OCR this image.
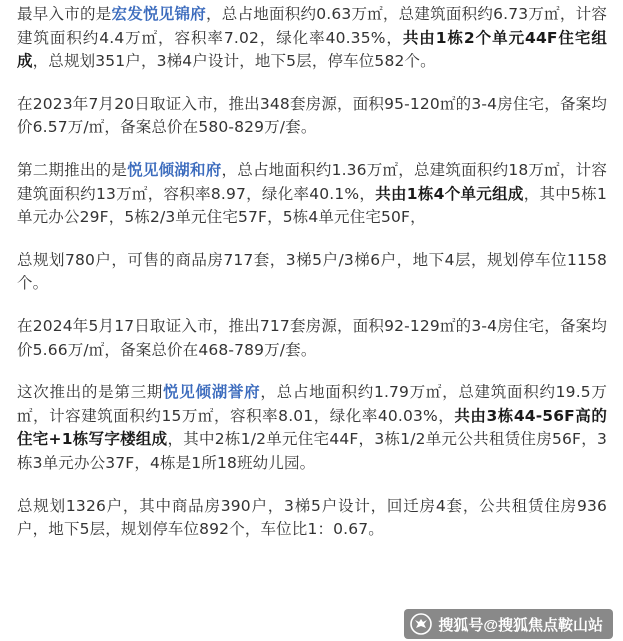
最早入市的是宏发悦见锦府，总占地面积约0.63万㎡，总建筑面积约6.73万㎡，计容建筑面积约4.4万㎡，容积率7.02，绿化率40.35%，共由1栋2个单元44F住宅组成，总规划351户，3梯4户设计，地下5层，停车位582个。

在2023年7月20日取证入市，推出348套房源，面积95-120㎡的3-4房住宅，备案均价6.57万/㎡，备案总价在580-829万/套。

第二期推出的是悦见倾湖和府，总占地面积约1.36万㎡，总建筑面积约18万㎡，计容建筑面积约13万㎡，容积率8.97，绿化率40.1%，共由1栋4个单元组成，其中5栋1单元办公29F，5栋2/3单元住宅57F，5栋4单元住宅50F，

总规划780户，可售的商品房717套，3梯5户/3梯6户，地下4层，规划停车位1158个。

在2024年5月17日取证入市，推出717套房源，面积92-129㎡的3-4房住宅，备案均价5.66万/㎡，备案总价在468-789万/套。

这次推出的是第三期悦见倾湖誉府，总占地面积约1.79万㎡，总建筑面积约19.5万㎡，计容建筑面积约15万㎡，容积率8.01，绿化率40.03%，共由3栋44-56F高的住宅+1栋写字楼组成，其中2栋1/2单元住宅44F，3栋1/2单元公共租赁住房56F，3栋3单元办公37F，4栋是1所18班幼儿园。

总规划1326户，其中商品房390户，3梯5户设计，回迁房4套，公共租赁住房936户，地下5层，规划停车位892个，车位比1：0.67。

搜狐号@搜狐焦点鞍山站
